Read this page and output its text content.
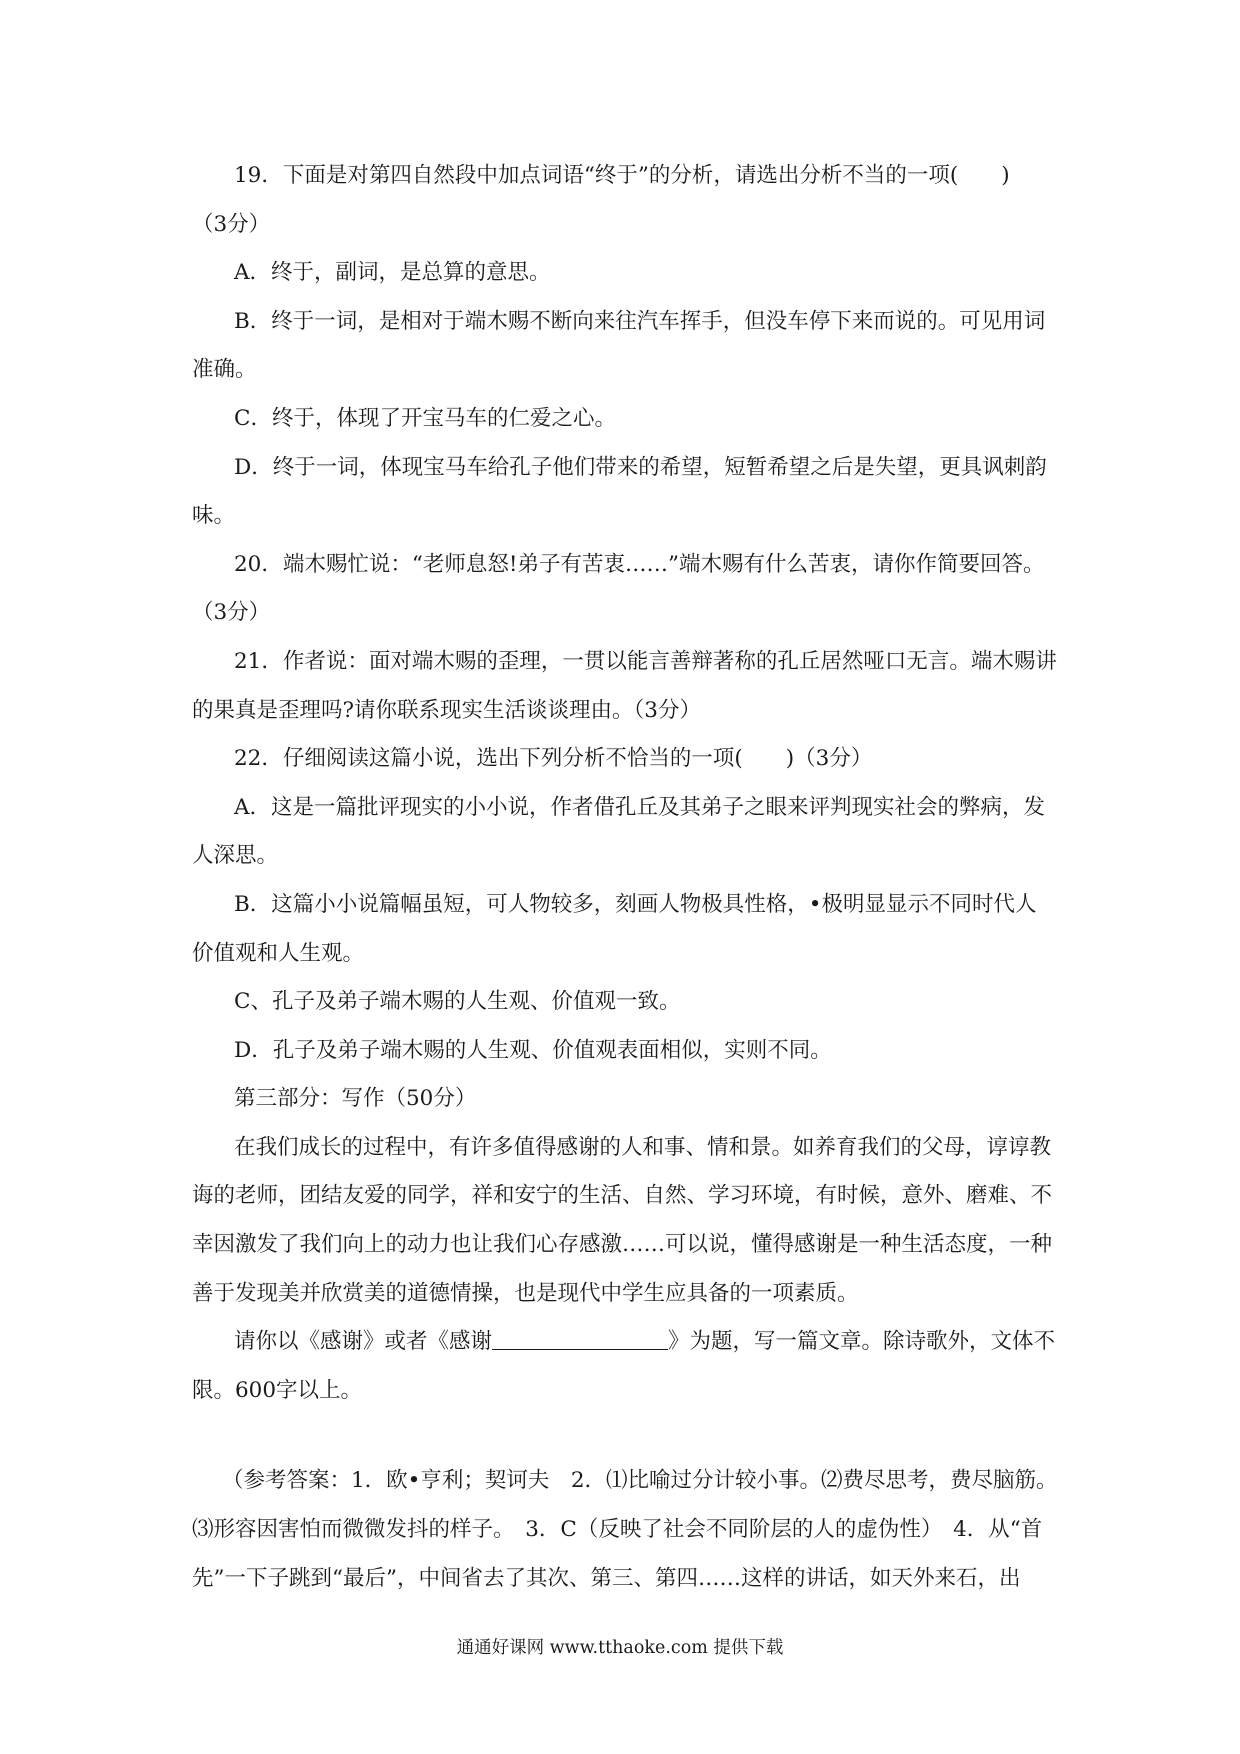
19．下面是对第四自然段中加点词语“终于”的分析，请选出分析不当的一项(　　)
（3分）
A．终于，副词，是总算的意思。
B．终于一词，是相对于端木赐不断向来往汽车挥手，但没车停下来而说的。可见用词
准确。
C．终于，体现了开宝马车的仁爱之心。
D．终于一词，体现宝马车给孔子他们带来的希望，短暂希望之后是失望，更具讽刺韵
味。
20．端木赐忙说：“老师息怒!弟子有苦衷……”端木赐有什么苦衷，请你作简要回答。
（3分）
21．作者说：面对端木赐的歪理，一贯以能言善辩著称的孔丘居然哑口无言。端木赐讲
的果真是歪理吗?请你联系现实生活谈谈理由。（3分）
22．仔细阅读这篇小说，选出下列分析不恰当的一项(　　)（3分）
A．这是一篇批评现实的小小说，作者借孔丘及其弟子之眼来评判现实社会的弊病，发
人深思。
B．这篇小小说篇幅虽短，可人物较多，刻画人物极具性格，•极明显显示不同时代人
价值观和人生观。
C、孔子及弟子端木赐的人生观、价值观一致。
D．孔子及弟子端木赐的人生观、价值观表面相似，实则不同。
第三部分：写作（50分）
在我们成长的过程中，有许多值得感谢的人和事、情和景。如养育我们的父母，谆谆教
诲的老师，团结友爱的同学，祥和安宁的生活、自然、学习环境，有时候，意外、磨难、不
幸因激发了我们向上的动力也让我们心存感激……可以说，懂得感谢是一种生活态度，一种
善于发现美并欣赏美的道德情操，也是现代中学生应具备的一项素质。
请你以《感谢》或者《感谢	》为题，写一篇文章。除诗歌外，文体不
限。600字以上。
（参考答案：1．欧•亨利；契诃夫　2．⑴比喻过分计较小事。⑵费尽思考，费尽脑筋。
⑶形容因害怕而微微发抖的样子。　3．C（反映了社会不同阶层的人的虚伪性）　4．从“首
先”一下子跳到“最后”，中间省去了其次、第三、第四……这样的讲话，如天外来石，出
通通好课网 www.tthaoke.com 提供下载
